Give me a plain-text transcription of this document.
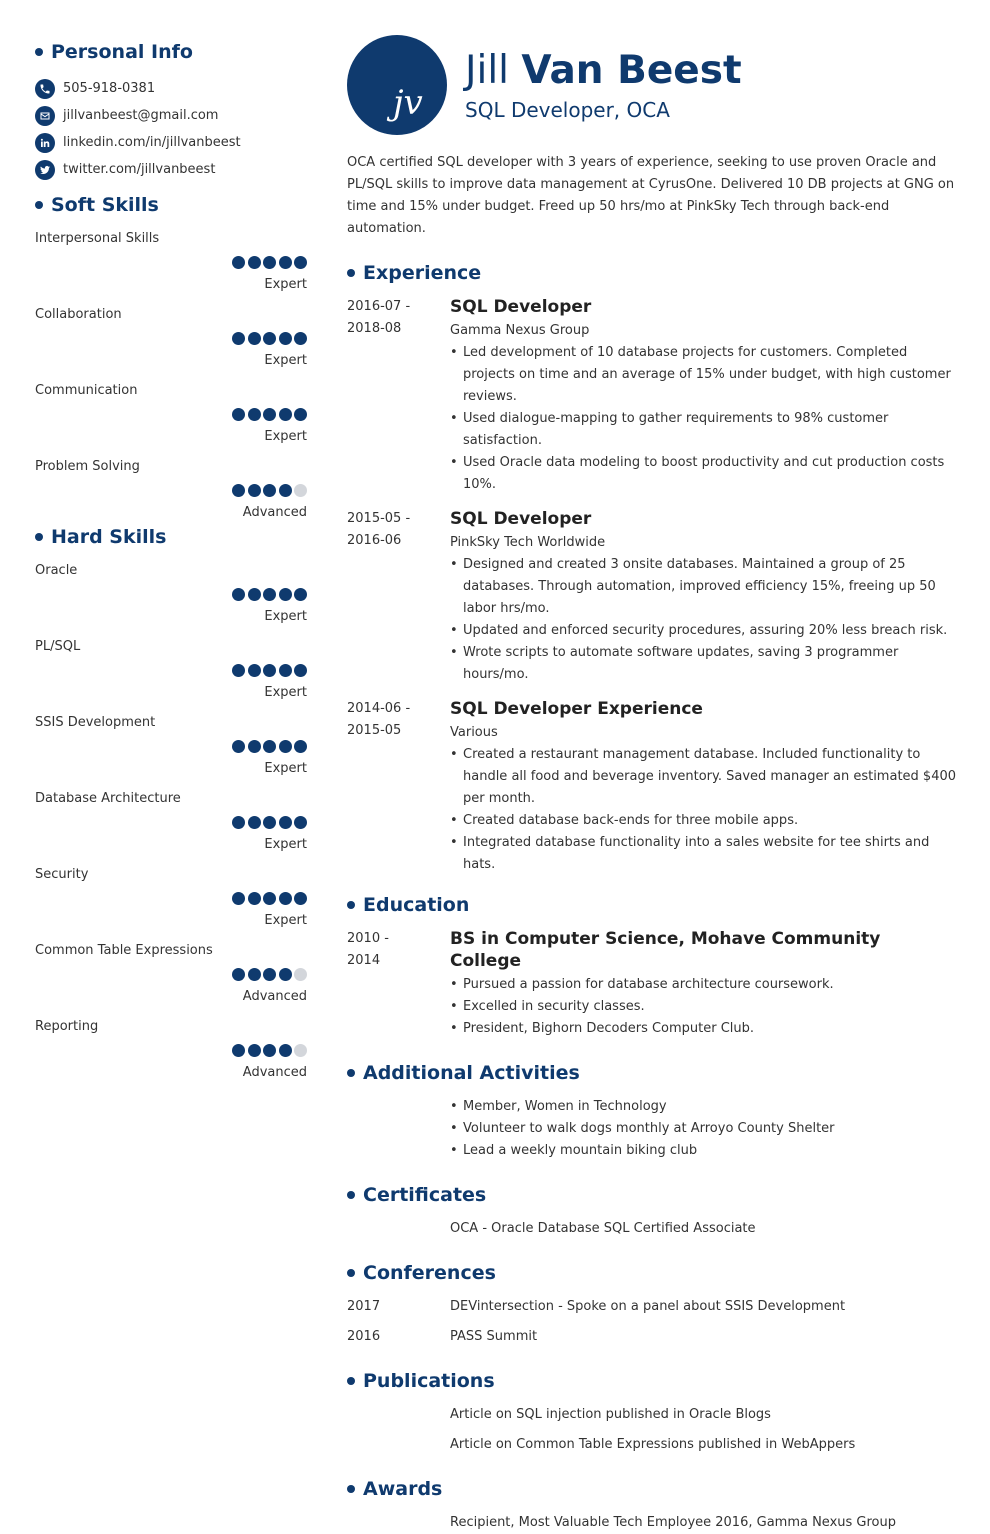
Personal Info
505-918-0381
jillvanbeest@gmail.com
linkedin.com/in/jillvanbeest
twitter.com/jillvanbeest
Soft Skills
Interpersonal Skills
Expert
Collaboration
Expert
Communication
Expert
Problem Solving
Advanced
Hard Skills
Oracle
Expert
PL/SQL
Expert
SSIS Development
Expert
Database Architecture
Expert
Security
Expert
Common Table Expressions
Advanced
Reporting
Advanced
jv
Jill Van Beest
SQL Developer, OCA

OCA certified SQL developer with 3 years of experience, seeking to use proven Oracle and PL/SQL skills to improve data management at CyrusOne. Delivered 10 DB projects at GNG on time and 15% under budget. Freed up 50 hrs/mo at PinkSky Tech through back-end automation.

Experience
2016-07 -
2018-08
SQL Developer
Gamma Nexus Group
• Led development of 10 database projects for customers. Completed projects on time and an average of 15% under budget, with high customer reviews.
• Used dialogue-mapping to gather requirements to 98% customer satisfaction.
• Used Oracle data modeling to boost productivity and cut production costs 10%.
2015-05 -
2016-06
SQL Developer
PinkSky Tech Worldwide
• Designed and created 3 onsite databases. Maintained a group of 25 databases. Through automation, improved efficiency 15%, freeing up 50 labor hrs/mo.
• Updated and enforced security procedures, assuring 20% less breach risk.
• Wrote scripts to automate software updates, saving 3 programmer hours/mo.
2014-06 -
2015-05
SQL Developer Experience
Various
• Created a restaurant management database. Included functionality to handle all food and beverage inventory. Saved manager an estimated $400 per month.
• Created database back-ends for three mobile apps.
• Integrated database functionality into a sales website for tee shirts and hats.
Education
2010 -
2014
BS in Computer Science, Mohave Community College
• Pursued a passion for database architecture coursework.
• Excelled in security classes.
• President, Bighorn Decoders Computer Club.
Additional Activities
• Member, Women in Technology
• Volunteer to walk dogs monthly at Arroyo County Shelter
• Lead a weekly mountain biking club
Certificates
OCA - Oracle Database SQL Certified Associate
Conferences
2017	DEVintersection - Spoke on a panel about SSIS Development
2016	PASS Summit
Publications
Article on SQL injection published in Oracle Blogs
Article on Common Table Expressions published in WebAppers
Awards
Recipient, Most Valuable Tech Employee 2016, Gamma Nexus Group
